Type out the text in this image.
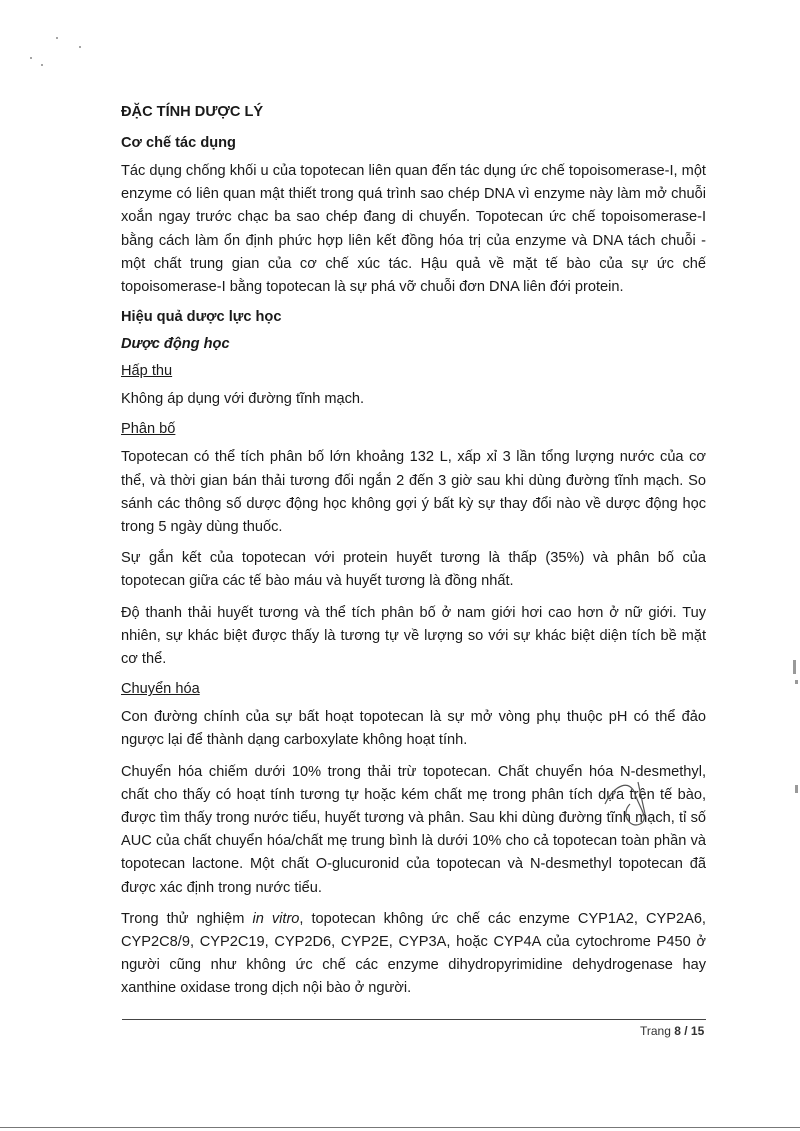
ĐẶC TÍNH DƯỢC LÝ
Cơ chế tác dụng

Tác dụng chống khối u của topotecan liên quan đến tác dụng ức chế topoisomerase-I, một enzyme có liên quan mật thiết trong quá trình sao chép DNA vì enzyme này làm mở chuỗi xoắn ngay trước chạc ba sao chép đang di chuyển. Topotecan ức chế topoisomerase-I bằng cách làm ổn định phức hợp liên kết đồng hóa trị của enzyme và DNA tách chuỗi - một chất trung gian của cơ chế xúc tác. Hậu quả về mặt tế bào của sự ức chế topoisomerase-I bằng topotecan là sự phá vỡ chuỗi đơn DNA liên đới protein.

Hiệu quả dược lực học
Dược động học
Hấp thu

Không áp dụng với đường tĩnh mạch.

Phân bố

Topotecan có thể tích phân bố lớn khoảng 132 L, xấp xỉ 3 lần tổng lượng nước của cơ thể, và thời gian bán thải tương đối ngắn 2 đến 3 giờ sau khi dùng đường tĩnh mạch. So sánh các thông số dược động học không gợi ý bất kỳ sự thay đổi nào về dược động học trong 5 ngày dùng thuốc.

Sự gắn kết của topotecan với protein huyết tương là thấp (35%) và phân bố của topotecan giữa các tế bào máu và huyết tương là đồng nhất.

Độ thanh thải huyết tương và thể tích phân bố ở nam giới hơi cao hơn ở nữ giới. Tuy nhiên, sự khác biệt được thấy là tương tự về lượng so với sự khác biệt diện tích bề mặt cơ thể.

Chuyển hóa

Con đường chính của sự bất hoạt topotecan là sự mở vòng phụ thuộc pH có thể đảo ngược lại để thành dạng carboxylate không hoạt tính.

Chuyển hóa chiếm dưới 10% trong thải trừ topotecan. Chất chuyển hóa N-desmethyl, chất cho thấy có hoạt tính tương tự hoặc kém chất mẹ trong phân tích dựa trên tế bào, được tìm thấy trong nước tiểu, huyết tương và phân. Sau khi dùng đường tĩnh mạch, tỉ số AUC của chất chuyển hóa/chất mẹ trung bình là dưới 10% cho cả topotecan toàn phần và topotecan lactone. Một chất O-glucuronid của topotecan và N-desmethyl topotecan đã được xác định trong nước tiểu.

Trong thử nghiệm in vitro, topotecan không ức chế các enzyme CYP1A2, CYP2A6, CYP2C8/9, CYP2C19, CYP2D6, CYP2E, CYP3A, hoặc CYP4A của cytochrome P450 ở người cũng như không ức chế các enzyme dihydropyrimidine dehydrogenase hay xanthine oxidase trong dịch nội bào ở người.

Trang 8 / 15
